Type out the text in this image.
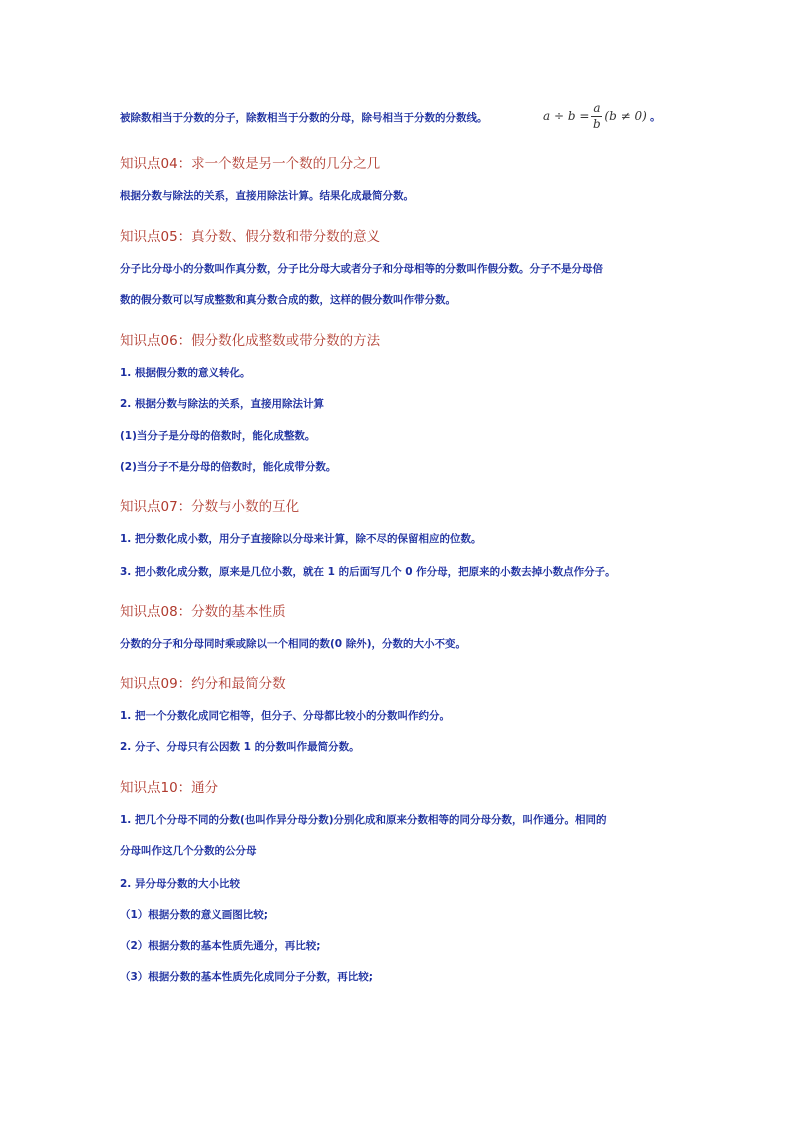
被除数相当于分数的分子，除数相当于分数的分母，除号相当于分数的分数线。	$a \div b = \frac{a}{b} (b \ne 0)$ 。
知识点04：求一个数是另一个数的几分之几
根据分数与除法的关系，直接用除法计算。结果化成最简分数。
知识点05：真分数、假分数和带分数的意义
分子比分母小的分数叫作真分数，分子比分母大或者分子和分母相等的分数叫作假分数。分子不是分母倍
数的假分数可以写成整数和真分数合成的数，这样的假分数叫作带分数。
知识点06：假分数化成整数或带分数的方法
1. 根据假分数的意义转化。
2. 根据分数与除法的关系，直接用除法计算
(1)当分子是分母的倍数时，能化成整数。
(2)当分子不是分母的倍数时，能化成带分数。
知识点07：分数与小数的互化
1. 把分数化成小数，用分子直接除以分母来计算，除不尽的保留相应的位数。
3. 把小数化成分数，原来是几位小数，就在 1 的后面写几个 0 作分母，把原来的小数去掉小数点作分子。
知识点08：分数的基本性质
分数的分子和分母同时乘或除以一个相同的数(0 除外)，分数的大小不变。
知识点09：约分和最简分数
1. 把一个分数化成同它相等，但分子、分母都比较小的分数叫作约分。
2. 分子、分母只有公因数 1 的分数叫作最简分数。
知识点10：通分
1. 把几个分母不同的分数(也叫作异分母分数)分别化成和原来分数相等的同分母分数，叫作通分。相同的
分母叫作这几个分数的公分母
2. 异分母分数的大小比较
（1）根据分数的意义画图比较;
（2）根据分数的基本性质先通分，再比较;
（3）根据分数的基本性质先化成同分子分数，再比较;
